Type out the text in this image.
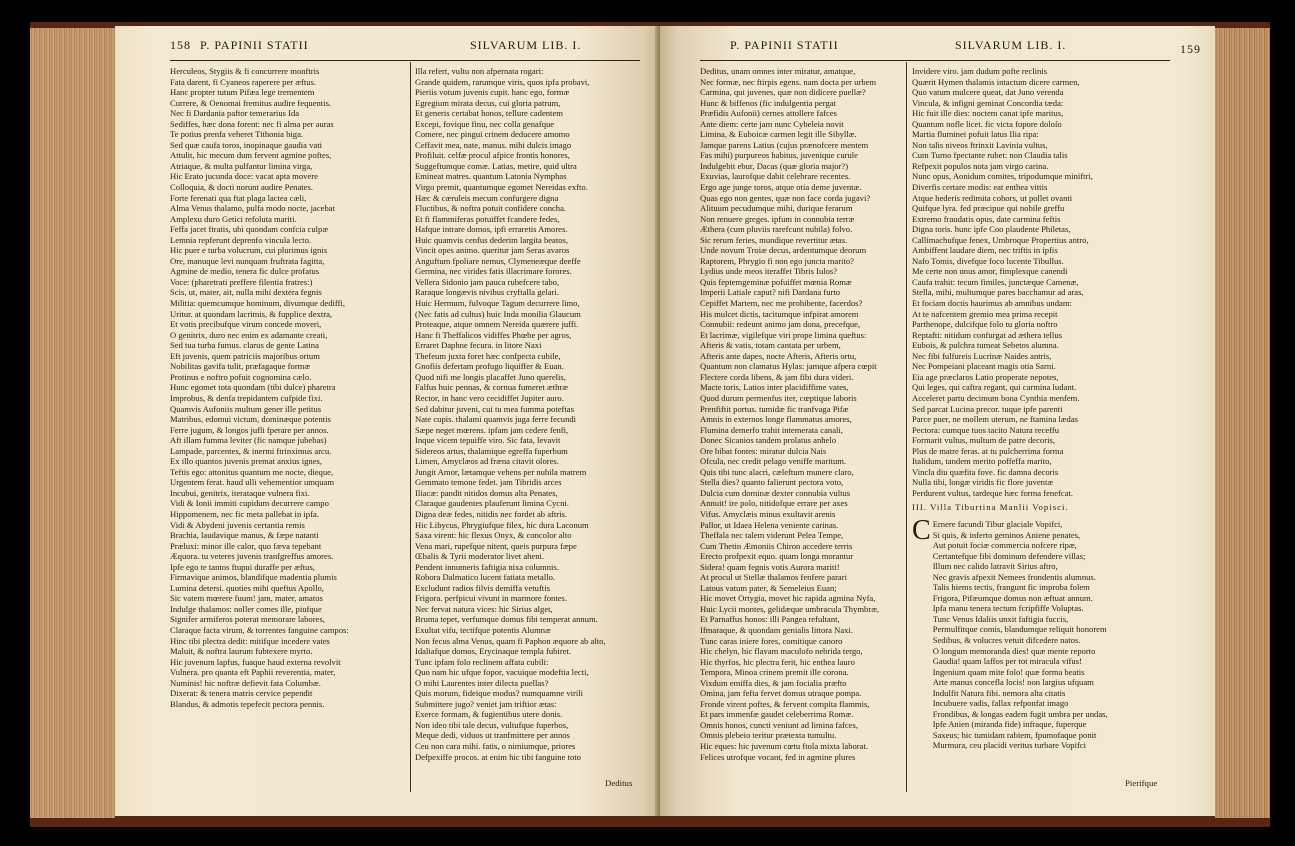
158 P. PAPINII STATII	SILVARUM LIB. I.
Herculeos, Stygiis & fi concurrere monftris
Fata darent, fi Cyaneos raperere per æftus.
Hanc propter tutum Pifæa lege trementem
Currere, & Oenomai fremitus audire fequentis.
Nec fi Dardania paftor temerarius Ida
Sediffes, hæc dona forent: nec fi alma per auras
Te potius prenfa veheret Tithonia biga.
Sed quæ caufa toros, inopinaque gaudia vati
Attulit, hic mecum dum fervent agmine poftes,
Atriaque, & multa pulfantur limina virga,
Hic Erato jucunda doce: vacat apta movere
Colloquia, & docti norunt audire Penates.
Forte ferenati qua ftat plaga lactea cæli,
Alma Venus thalamo, pulfa modo nocte, jacebat
Amplexu duro Getici refoluta mariti.
Feffa jacet ftratis, ubi quondam confcia culpæ
Lemnia repferunt deprenfo vincula lecto.
Hic puer e turba volucrum, cui plurimus ignis
Ore, manuque levi nunquam fruftrata fagitta,
Agmine de medio, tenera fic dulce profatus
Voce: (pharetrati preffere filentia fratres:)
Scis, ut, mater, ait, nulla mihi dextera fegnis
Militia: quemcumque hominum, divumque dediffi,
Uritur. at quondam lacrimis, & fupplice dextra,
Et votis precibufque virum concede moveri,
O genitrix, duro nec enim ex adamante creati,
Sed tua turba fumus. clarus de gente Latina
Eft juvenis, quem patriciis majoribus ortum
Nobilitas gavifa tulit, præfagaque formæ
Protinus e noftro pofuit cognomina cælo.
Hunc egomet tota quondam (tibi dulce) pharetra
Improbus, & denfa trepidantem cufpide fixi.
Quamvis Aufoniis multum gener ille petitus
Matribus, edomui victum, dominæque potentis
Ferre jugum, & longos jufli fperare per annos.
Aft illam fumma leviter (fic namque jubebas)
Lampade, parcentes, & inermi ftrinximus arcu.
Ex illo quantos juvenis premat anxius ignes,
Teftis ego: attonitus quantum me nocte, dieque,
Urgentem ferat. haud ulli vehementior umquam
Incubui, genitrix, iterataque vulnera fixi.
Vidi & Ionii immiti cupidum decurrere campo
Hippomenem, nec fic meta pallebat in ipfa.
Vidi & Abydeni juvenis certantia remis
Brachia, laudavique manus, & fæpe natanti
Præluxi: minor ille calor, quo fæva tepebant
Æquora. tu veteres juvenis tranfgreffus amores.
Ipfe ego te tantos ftupui duraffe per æftus,
Firmavique animos, blandifque madentia plumis
Lumina detersi. quoties mihi queftus Apollo,
Sic vatem mœrere fuum! jam, mater, amatos
Indulge thalamos: noller comes ille, piufque
Signifer armiferos poterat memorare labores,
Claraque facta virum, & torrentes fanguine campos:
Hinc tibi plectra dedit: mitifque incedere vates
Maluit, & noftra laurum fubtexere myrto.
Hic juvenum lapfus, fuaque haud externa revolvit
Vulnera. pro quanta eft Paphii reverentia, mater,
Numinis! hic noftræ defievit fata Columbæ.
Dixerat: & tenera matris cervice pependit
Blandus, & admotis tepefecit pectora pennis.
Illa refert, vultu non afpernata rogari:
Grande quidem, rarumque viris, quos ipfa probavi,
Pieriis votum juvenis cupit. hanc ego, formæ
Egregium mirata decus, cui gloria patrum,
Et generis certabat honos, tellure cadentem
Excepi, fovique finu, nec colla genafque
Comere, nec pingui crinem deducere amomo
Ceffavit mea, nate, manus. mihi dulcis imago
Profiluit. celfæ procul afpice frontis honores,
Suggeftumque comæ. Latias, metire, quid ultra
Emineat matres. quantum Latonia Nymphas
Virgo premit, quantumque egomet Nereidas exfto.
Hæc & cæruleis mecum confurgere digna
Fluctibus, & noftra potuit confidere concha.
Et fi flammiferas potuiffet fcandere fedes,
Hafque intrare domos, ipfi erraretis Amores.
Huic quamvis cenfus dederim largita beatos,
Vincit opes animo. queritur jam Seras avaros
Anguftum fpoliare nemus, Clymeneæque deeffe
Germina, nec virides fatis illacrimare forores.
Vellera Sidonio jam pauca rubefcere tabo,
Raraque longævis nivibus cryftalla gelari.
Huic Hermum, fulvoque Tagum decurrere limo,
(Nec fatis ad cultus) huic Inda monilia Glaucum
Proteaque, atque omnem Nereida quærere juffi.
Hanc fi Theffalicos vidiffes Phœbe per agros,
Erraret Daphne fecura. in litore Naxi
Thefeum juxta foret hæc confpecta cubile,
Gnofiis defertam profugo liquiffer & Euan.
Quod nifi me longis placaffet Juno querelis,
Falfus huic pennas, & cornua fumeret æthræ
Rector, in hanc vero cecidiffet Jupiter auro.
Sed dabitur juveni, cui tu mea fumma poteftas
Nate cupis. thalami quamvis juga ferre fecundi
Sæpe neget mœrens. ipfam jam cedere fenfi,
Inque vicem tepuiffe viro. Sic fata, levavit
Sidereos artus, thalamique egreffa fuperbum
Limen, Amyclæos ad fræna citavit olores.
Jungit Amor, lætamque vehens per nubila matrem
Gemmato temone fedet. jam Tibridis arces
Iliacæ: pandit nitidos domus alta Penates,
Claraque gaudentes plauferunt limina Cycni.
Digna deæ fedes, nitidis nec fordet ab aftris.
Hic Libycus, Phrygiufque filex, hic dura Laconum
Saxa virent: hic flexus Onyx, & concolor alto
Vena mari, rupefque nitent, queis purpura fæpe
Œbalis & Tyrii moderator livet aheni.
Pendent innumeris faftigia nixa columnis.
Robora Dalmatico lucent fatiata metallo.
Excludunt radios filvis demiffa vetuftis
Frigora. perfpicui vivunt in marmore fontes.
Nec fervat natura vices: hic Sirius alget,
Bruma tepet, verfumque domus fibi temperat annum.
Exultat vifu, tectifque potentis Alumnæ
Non fecus alma Venus, quam fi Paphon æquore ab alto,
Idaliafque domos, Erycinaque templa fubiret.
Tunc ipfam folo reclinem affata cubili:
Quo nam hic ufque fopor, vacuique modeftia lecti,
O mihi Laurentes inter dilecta puellas?
Quis morum, fideique modus? numquamne virili
Submittere jugo? veniet jam triftior ætas:
Exerce formam, & fugientibus utere donis.
Non ideo tibi tale decus, vultufque fuperbos,
Meque dedi, viduos ut tranfmittere per annos
Ceu non cara mihi. fatis, o nimiumque, priores
Defpexiffe procos. at enim hic tibi fanguine toto
Deditus
P. PAPINII STATII	SILVARUM LIB. I.	159
Deditus, unam omnes inter miratur, amatque,
Nec formæ, nec ftirpis egens. nam docta per urbem
Carmina, qui juvenes, quæ non didicere puellæ?
Hunc & biffenos (fic indulgentia pergat
Præfidis Aufonii) cernes attollere fafces
Ante diem: certe jam nunc Cybeleia novit
Limina, & Euboicæ carmen legit ille Sibyllæ.
Jamque parens Latius (cujus prænofcere mentem
Fas mihi) purpureos habitus, juvenique curule
Indulgebit ebur, Dacas (quæ gloria major?)
Exuvias, laurofque dabit celebrare recentes.
Ergo age junge toros, atque otia deme juventæ.
Quas ego non gentes, quæ non face corda jugavi?
Alituum pecudumque mihi, durique ferarum
Non renuere greges. ipfum in connubia terræ
Æthera (cum pluviis rarefcunt nubila) folvo.
Sic rerum feries, mundique revertitur ætas.
Unde novum Troiæ decus, ardentumque deorum
Raptorem, Phrygio fi non ego juncta marito?
Lydius unde meos iteraffet Tibris Iulos?
Quis feptemgeminæ pofuiffet mœnia Romæ
Imperii Latiale caput? nifi Dardana furto
Cepiffet Martem, nec me prohibente, facerdos?
His mulcet dictis, tacitumque infpirat amorem
Connubii: redeunt animo jam dona, precefque,
Et lacrimæ, vigilefque viri prope limina queftus:
Afteris & vatis, totam cantata per urbem,
Afteris ante dapes, nocte Afteris, Afteris ortu,
Quantum non clamatus Hylas: jamque afpera cœpit
Flectere corda libens, & jam fibi dura videri.
Macte toris, Latios inter placidiffime vates,
Quod durum permenfus iter, cœptique laboris
Prenfiftit portus. tumidæ fic tranfvaga Pifæ
Amnis in externos longe flammatus amores,
Flumina demerfo trahit intemerata canali,
Donec Sicanios tandem prolatus anhelo
Ore bibat fontes: miratur dulcia Nais
Ofcula, nec credit pelago veniffe maritum.
Quis tibi tunc alacri, cæleftum munere claro,
Stella dies? quanto falierunt pectora voto,
Dulcia cum dominæ dexter connubia vultus
Annuit! ire polo, nitidofque errare per axes
Vifus. Amyclæis minus exultavit arenis
Pallor, ut Idaea Helena veniente carinas.
Theffala nec talem viderunt Pelea Tempe,
Cum Thetin Æmoniis Chiron accedere terris
Erecto profpexit equo. quam longa morantur
Sidera! quam fegnis votis Aurora mariti!
At procul ut Stellæ thalamos fenfere parari
Latous vatum pater, & Semeleius Euan;
Hic movet Ortygia, movet hic rapida agmina Nyfa,
Huic Lycii montes, gelidæque umbracula Thymbræ,
Et Parnaffus honos: illi Pangea refultant,
Ifmaraque, & quondam genialis littora Naxi.
Tunc caras iniere fores, comitique canoro
Hic chelyn, hic flavam maculofo nebrida tergo,
Hic thyrfos, hic plectra ferit, hic enthea lauro
Tempora, Minoa crinem premit ille corona.
Vixdum emiffa dies, & jam focialia præfto
Omina, jam fefta fervet domus utraque pompa.
Fronde virent poftes, & fervent compita flammis,
Et pars immenfæ gaudet celeberrima Romæ.
Omnis honos, cuncti veniunt ad limina fafces,
Omnis plebeio teritur prætexta tumultu.
Hic eques: hic juvenum cœtu ftola mixta laborat.
Felices utrofque vocant, fed in agmine plures
Invidere viro. jam dudum pofte reclinis
Quærit Hymen thalamis intactum dicere carmen,
Quo vatum mulcere queat, dat Juno verenda
Vincula, & infigni geminat Concordia tæda:
Hic fuit ille dies: noctem canat ipfe maritus,
Quantum nofle licet. fic victa fopore doloſo
Martia fluminei pofuit latus Ilia ripa:
Non talis niveos ftrinxit Lavinia vultus,
Cum Turno fpectante rubet: non Claudia talis
Refpexit populos nota jam virgo carina.
Nunc opus, Aonidum comites, tripodumque miniftri,
Diverfis certare modis: eat enthea vittis
Atque hederis redimita cohors, ut pollet ovanti
Quifque lyra. fed præcipue qui nobile greffu
Extremo fraudatis opus, date carmina feftis
Digna toris. hunc ipfe Coo plaudente Philetas,
Callimachufque fenex, Umbroque Propertius antro,
Ambiffent laudare diem, nec triftis in ipfis
Nafo Tomis, divefque foco lucente Tibullus.
Me certe non unus amor, fimplexque canendi
Caufa trahit: tecum fimiles, junctæque Camenæ,
Stella, mihi, multumque pares bacchamur ad aras,
Et fociam doctis haurimus ab amnibus undam:
At te nafcentem gremio mea prima recepit
Parthenope, dulcifque folo tu gloria noftro
Reptafti: nitidum confurgat ad æthera tellus
Eubois, & pulchra tumeat Sebetos alumna.
Nec fibi fulfureis Lucrinæ Naides antris,
Nec Pompeiani placeant magis otia Sarni.
Eia age præclaros Latio properate nepotes,
Qui leges, qui caftra regant, qui carmina ludant.
Acceleret partu decimum bona Cynthia menfem.
Sed parcat Lucina precor. tuque ipfe parenti
Parce puer, ne mollem uterum, ne ftamina lædas
Pectora: cumque tuos tacito Natura receffu
Formarit vultus, multum de patre decoris,
Plus de matre feras. at tu pulcherrima forma
Italidum, tandem merito poffeffa marito,
Vincla diu quæfita fove. fic damna decoris
Nulla tibi, longæ viridis fic flore juventæ
Perdurent vultus, tardeque hæc forma fenefcat.
III. Villa Tiburtina Manlii Vopisci.
C Ernere facundi Tibur glaciale Vopifci,
Si quis, & inferto geminos Aniene penates,
Aut potuit fociæ commercia nofcere ripæ,
Certantefque fibi dominum defendere villas;
Illum nec calido latravit Sirius aftro,
Nec gravis afpexit Nemees frondentis alumnus.
Talis hiems tectis, frangunt fic improba folem
Frigora, Pifæumque domus non æftuat annum.
Ipfa manu tenera tectum fcripfiffe Voluptas.
Tunc Venus Idaliis unxit faftigia fuccis,
Permulfitque comis, blandumque reliquit honorem
Sedibus, & volucres vetuit difcedere natos.
O longum memoranda dies! quæ mente reporto
Gaudia! quam laffos per tot miracula vifus!
Ingenium quam mite folo! quæ forma beatis
Arte manus concefla locis! non largius ufquam
Indulfit Natura fibi. nemora alta citatis
Incubuere vadis, fallax refponfat imago
Frondibus, & longas eadem fugit umbra per undas,
Ipfe Anien (miranda fide) infraque, fuperque
Saxeus; hic tumidam rabiem, fpumofaque ponit
Murmura, ceu placidi veritus turbare Vopifci
Pierifque
